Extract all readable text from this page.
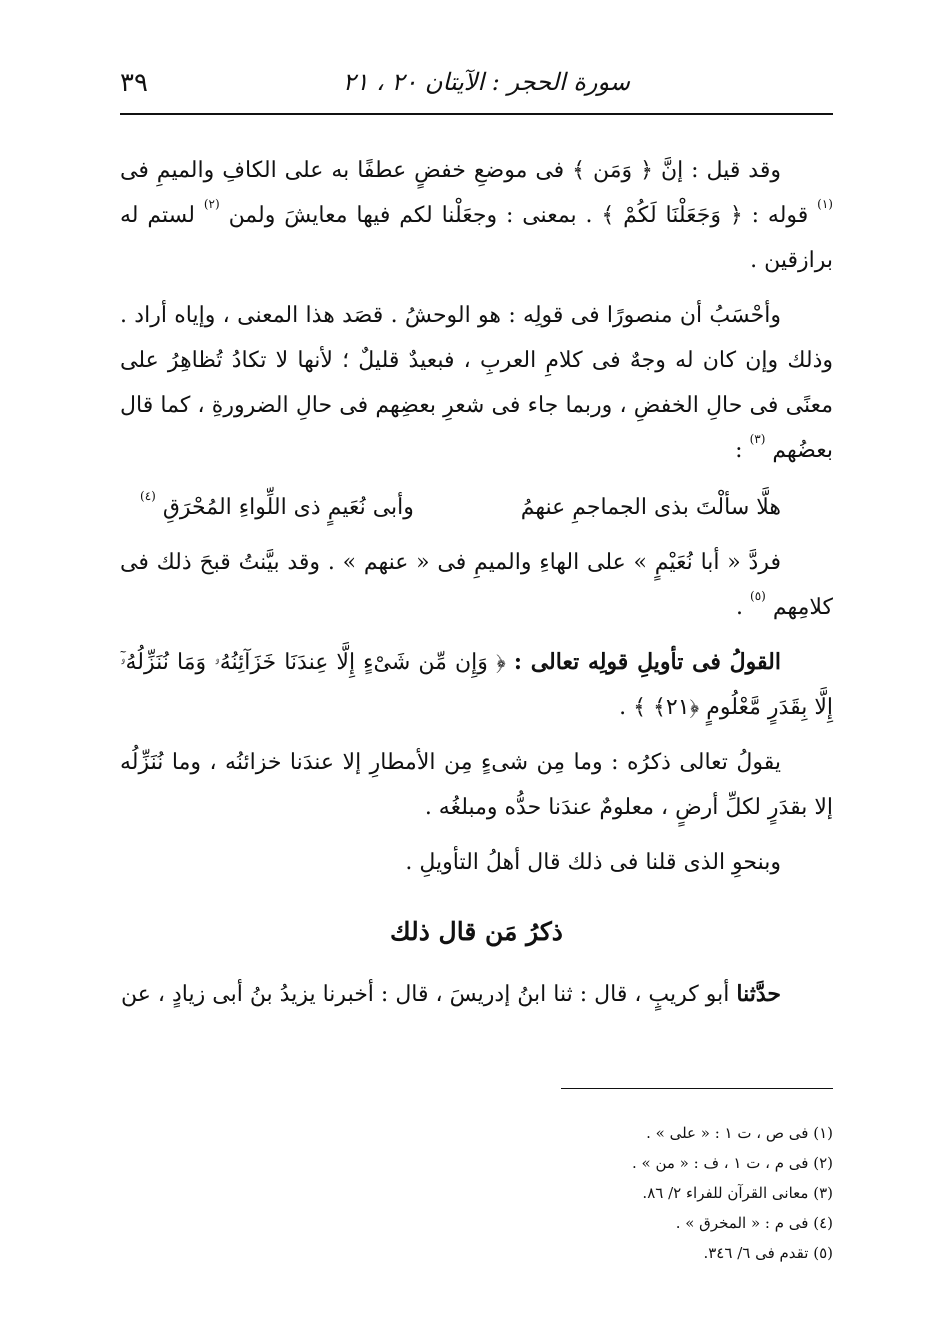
سورة الحجر : الآيتان ٢٠ ، ٢١
٣٩

وقد قيل : إنَّ ﴿ وَمَن ﴾ فى موضعِ خفضٍ عطفًا به على الكافِ والميمِ فى $^{(١)}$ قوله : ﴿ وَجَعَلْنَا لَكُمْ ﴾ . بمعنى : وجعَلْنا لكم فيها معايشَ ولمن $^{(٢)}$ لستم له برازقين .

وأحْسَبُ أن منصورًا فى قولِه : هو الوحشُ . قصَد هذا المعنى ، وإياه أراد . وذلك وإن كان له وجهٌ فى كلامِ العربِ ، فبعيدٌ قليلٌ ؛ لأنها لا تكادُ تُظاهِرُ على معنًى فى حالِ الخفضِ ، وربما جاء فى شعرِ بعضِهم فى حالِ الضرورةِ ، كما قال بعضُهم $^{(٣)}$ :

هلَّا سألْتَ بذى الجماجمِ عنهمُ
وأبى نُعَيمٍ ذى اللِّواءِ المُحْرَقِ $^{(٤)}$

فردَّ « أبا نُعَيْمٍ » على الهاءِ والميمِ فى « عنهم » . وقد بيَّنتُ قبحَ ذلك فى كلامِهم $^{(٥)}$ .

القولُ فى تأويلِ قولِه تعالى : ﴿ وَإِن مِّن شَىْءٍ إِلَّا عِندَنَا خَزَآئِنُهُۥ وَمَا نُنَزِّلُهُۥٓ إِلَّا بِقَدَرٍ مَّعْلُومٍ ﴿٢١﴾ ﴾ .

يقولُ تعالى ذكرُه : وما مِن شىءٍ مِن الأمطارِ إلا عندَنا خزائنُه ، وما نُنَزِّلُه إلا بقدَرٍ لكلِّ أرضٍ ، معلومٌ عندَنا حدُّه ومبلغُه .

وبنحوِ الذى قلنا فى ذلك قال أهلُ التأويلِ .

ذكرُ مَن قال ذلك

حدَّثنا أبو كريبٍ ، قال : ثنا ابنُ إدريسَ ، قال : أخبرنا يزيدُ بنُ أبى زيادٍ ، عن

(١) فى ص ، ت ١ : « على » .
(٢) فى م ، ت ١ ، ف : « من » .
(٣) معانى القرآن للفراء ٢/ ٨٦.
(٤) فى م : « المخرق » .
(٥) تقدم فى ٦/ ٣٤٦.
